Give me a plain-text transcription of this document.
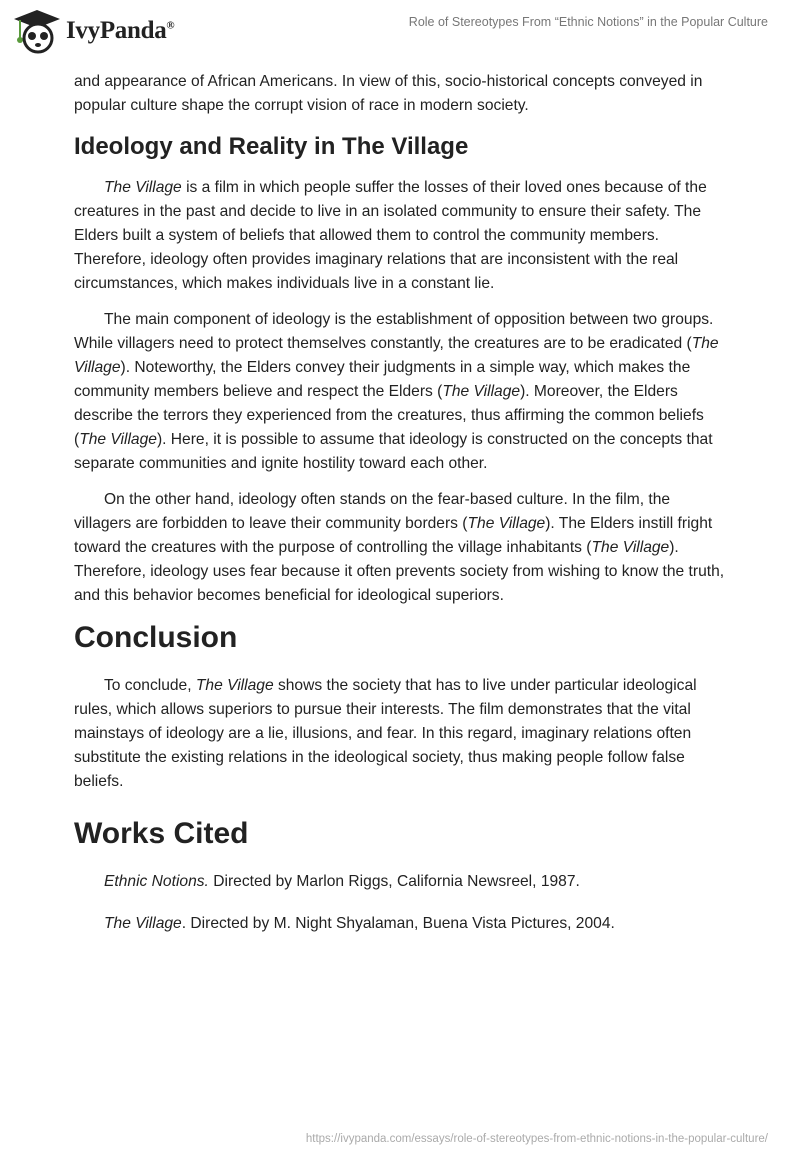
IvyPanda®	Role of Stereotypes From “Ethnic Notions” in the Popular Culture

and appearance of African Americans. In view of this, socio-historical concepts conveyed in popular culture shape the corrupt vision of race in modern society.

Ideology and Reality in The Village

The Village is a film in which people suffer the losses of their loved ones because of the creatures in the past and decide to live in an isolated community to ensure their safety. The Elders built a system of beliefs that allowed them to control the community members. Therefore, ideology often provides imaginary relations that are inconsistent with the real circumstances, which makes individuals live in a constant lie.

The main component of ideology is the establishment of opposition between two groups. While villagers need to protect themselves constantly, the creatures are to be eradicated (The Village). Noteworthy, the Elders convey their judgments in a simple way, which makes the community members believe and respect the Elders (The Village). Moreover, the Elders describe the terrors they experienced from the creatures, thus affirming the common beliefs (The Village). Here, it is possible to assume that ideology is constructed on the concepts that separate communities and ignite hostility toward each other.

On the other hand, ideology often stands on the fear-based culture. In the film, the villagers are forbidden to leave their community borders (The Village). The Elders instill fright toward the creatures with the purpose of controlling the village inhabitants (The Village). Therefore, ideology uses fear because it often prevents society from wishing to know the truth, and this behavior becomes beneficial for ideological superiors.

Conclusion

To conclude, The Village shows the society that has to live under particular ideological rules, which allows superiors to pursue their interests. The film demonstrates that the vital mainstays of ideology are a lie, illusions, and fear. In this regard, imaginary relations often substitute the existing relations in the ideological society, thus making people follow false beliefs.

Works Cited

Ethnic Notions. Directed by Marlon Riggs, California Newsreel, 1987.

The Village. Directed by M. Night Shyalaman, Buena Vista Pictures, 2004.

https://ivypanda.com/essays/role-of-stereotypes-from-ethnic-notions-in-the-popular-culture/
